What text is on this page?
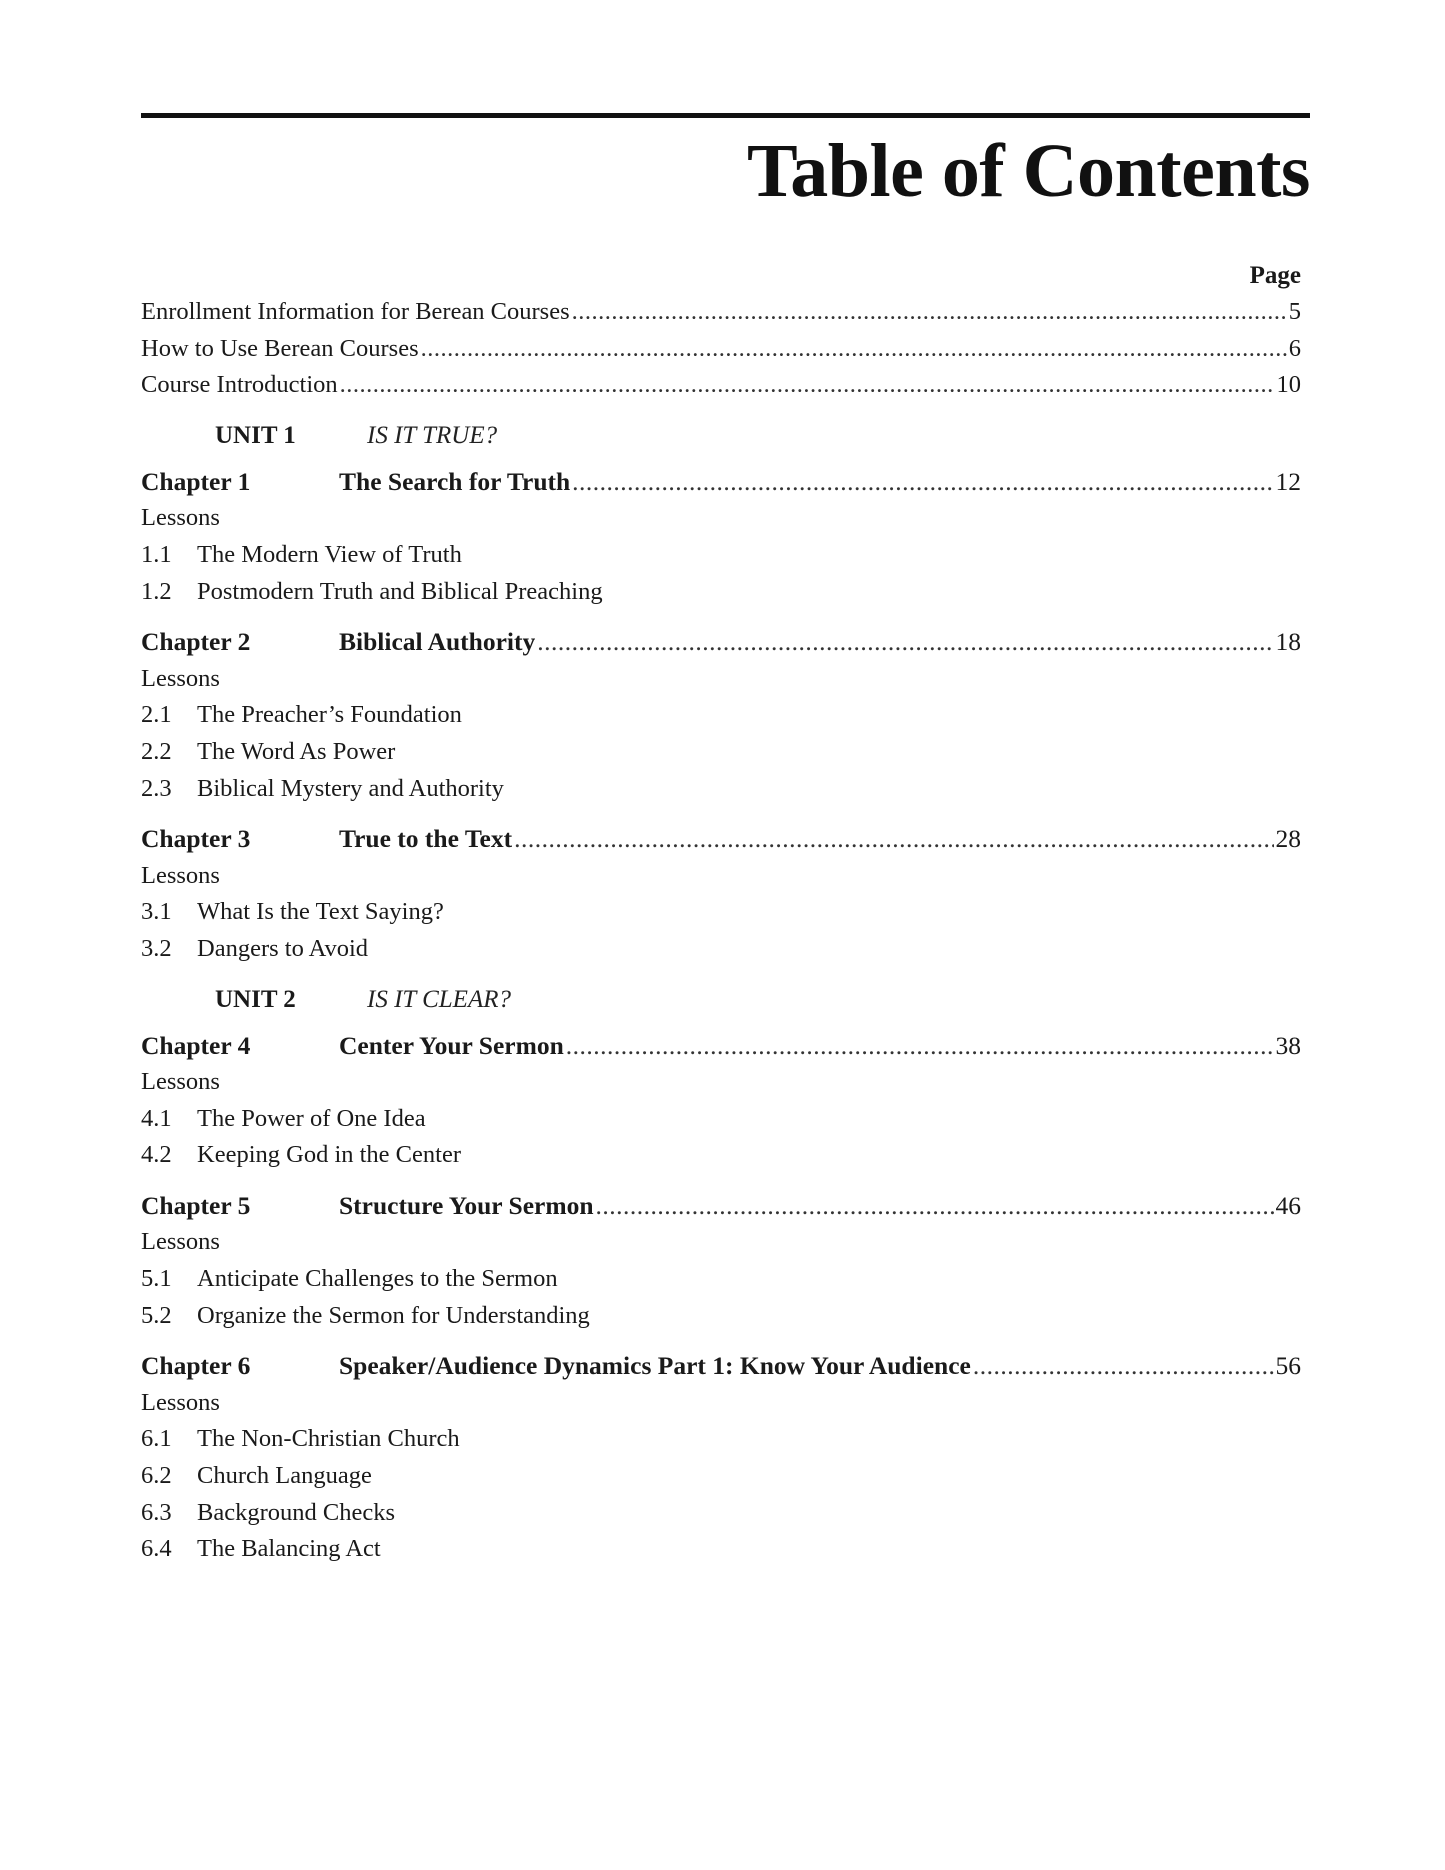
Table of Contents
Page
Enrollment Information for Berean Courses .....	5
How to Use Berean Courses .....	6
Course Introduction .....	10
UNIT 1	IS IT TRUE?
Chapter 1	The Search for Truth .....	12
Lessons
1.1	The Modern View of Truth
1.2	Postmodern Truth and Biblical Preaching
Chapter 2	Biblical Authority .....	18
Lessons
2.1	The Preacher’s Foundation
2.2	The Word As Power
2.3	Biblical Mystery and Authority
Chapter 3	True to the Text .....	28
Lessons
3.1	What Is the Text Saying?
3.2	Dangers to Avoid
UNIT 2	IS IT CLEAR?
Chapter 4	Center Your Sermon .....	38
Lessons
4.1	The Power of One Idea
4.2	Keeping God in the Center
Chapter 5	Structure Your Sermon .....	46
Lessons
5.1	Anticipate Challenges to the Sermon
5.2	Organize the Sermon for Understanding
Chapter 6	Speaker/Audience Dynamics Part 1: Know Your Audience .....	56
Lessons
6.1	The Non-Christian Church
6.2	Church Language
6.3	Background Checks
6.4	The Balancing Act
